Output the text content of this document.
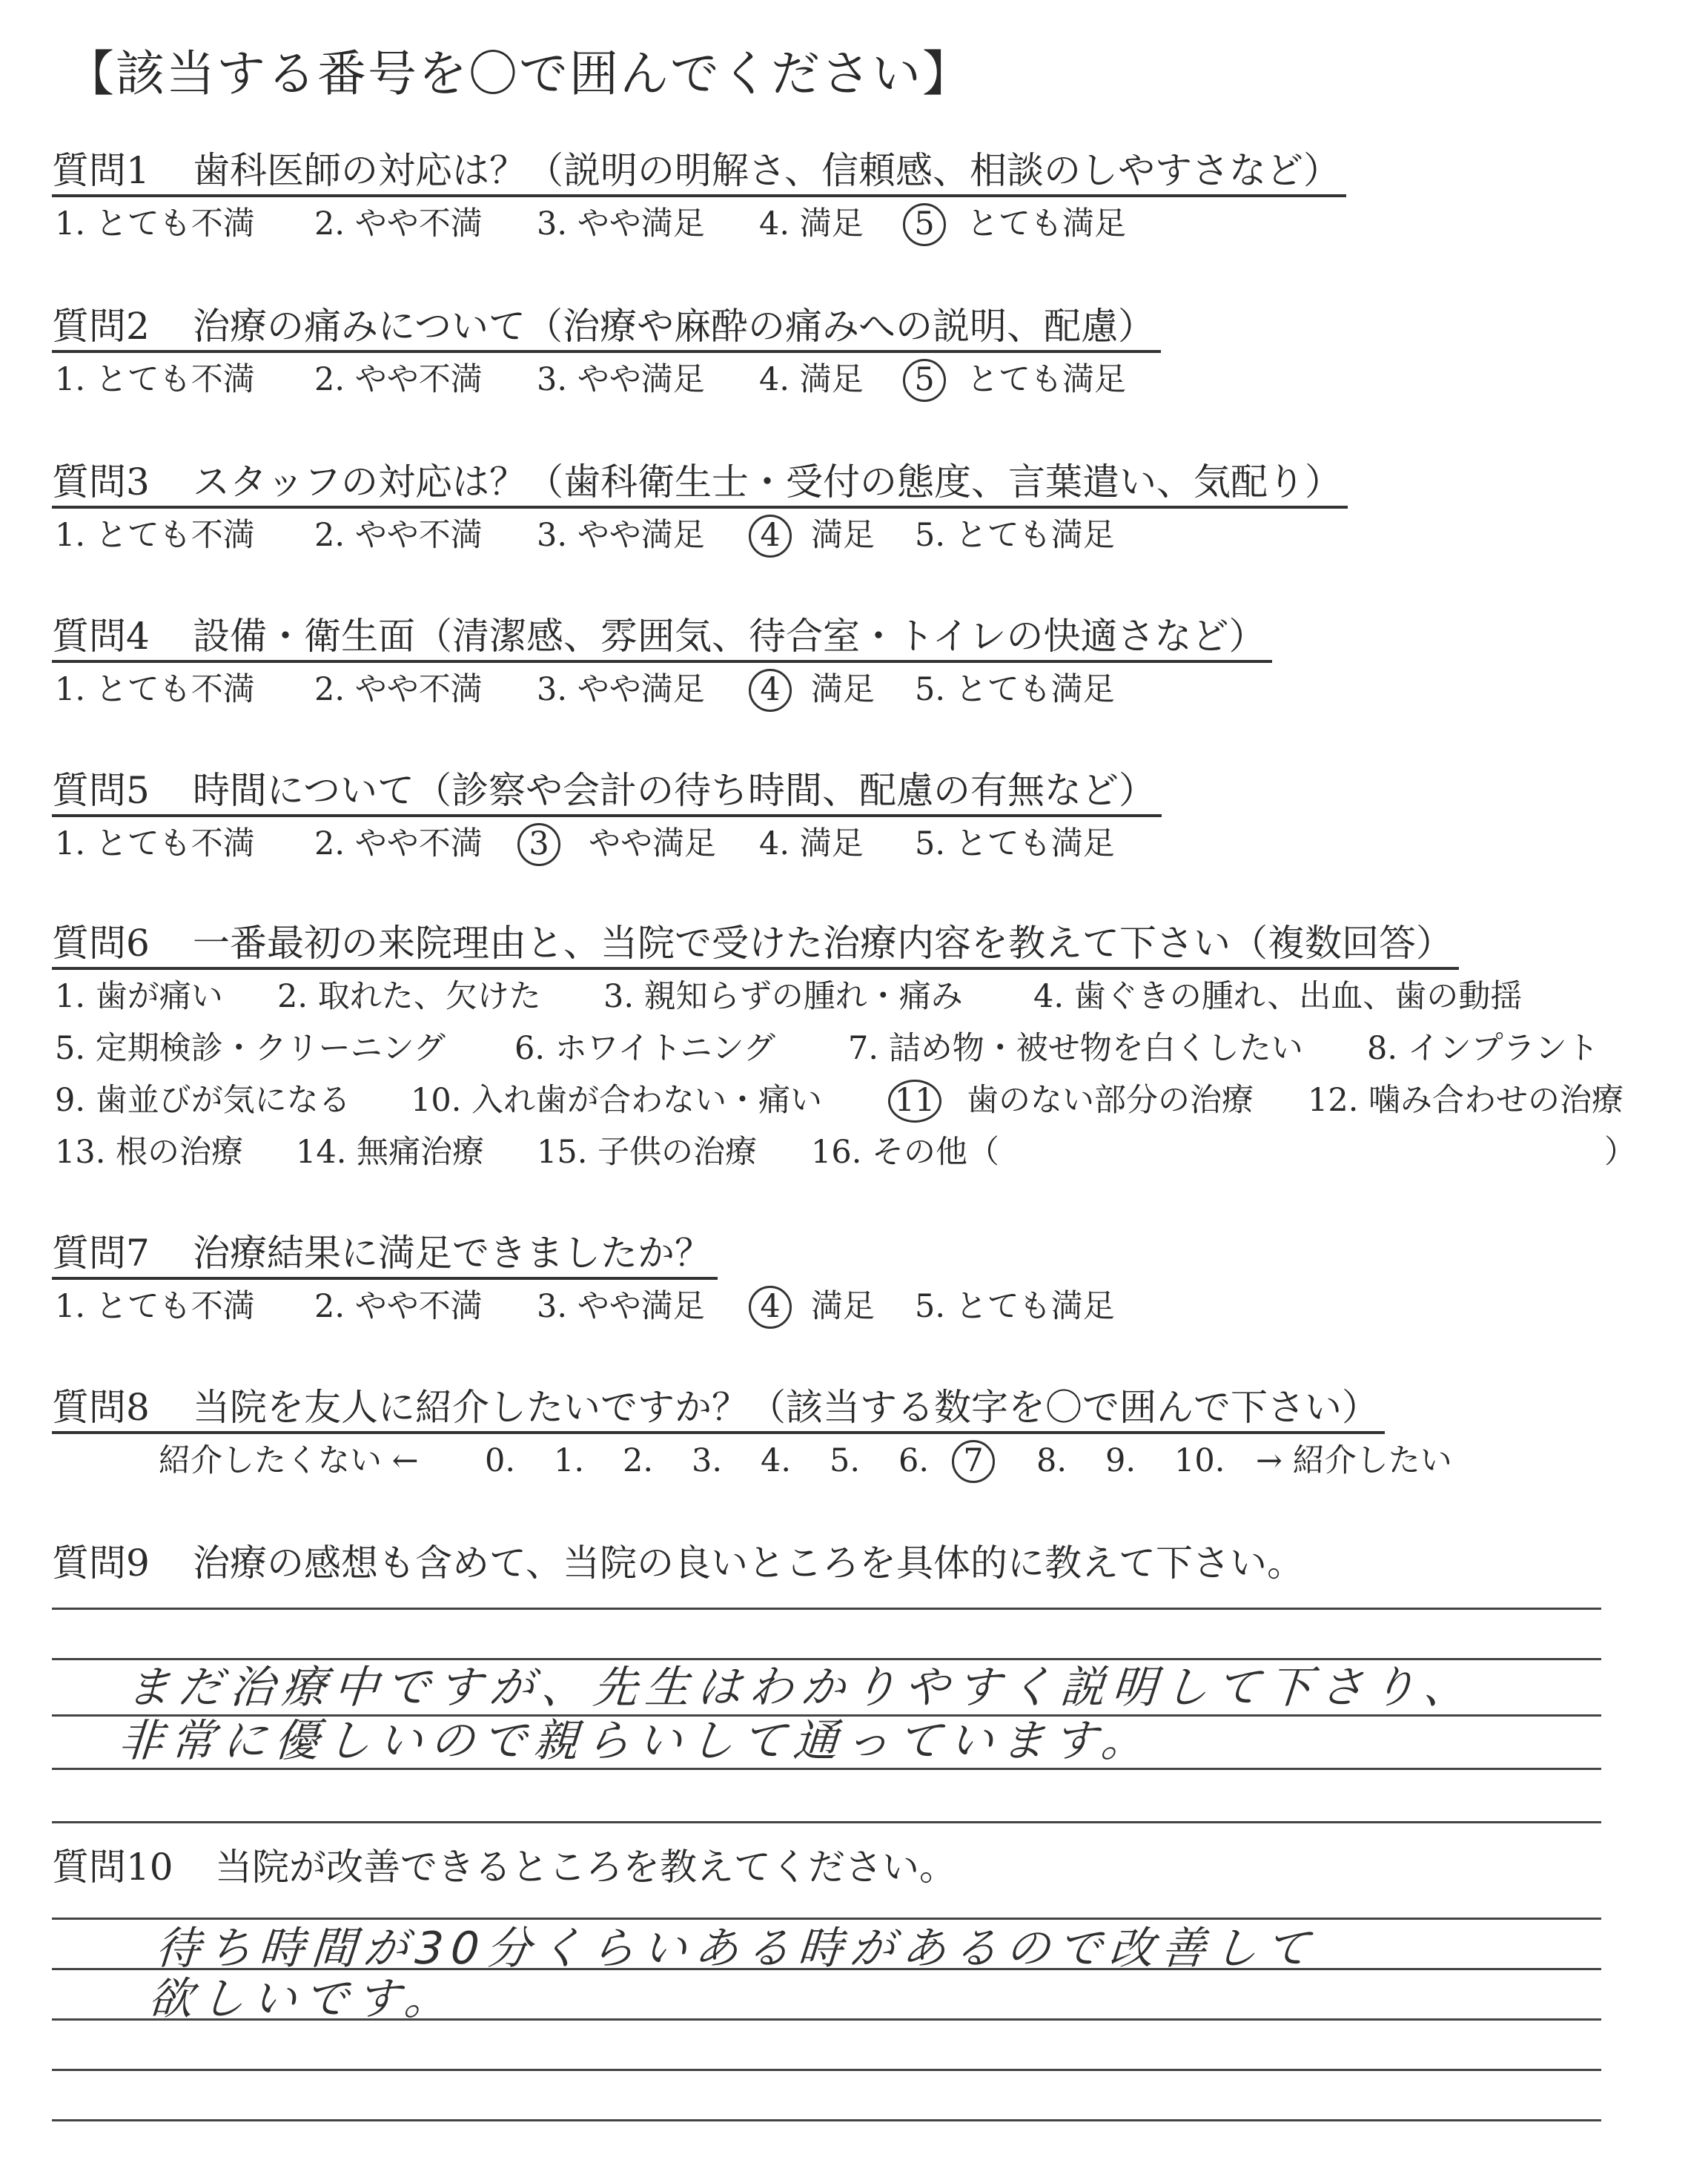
【該当する番号を〇で囲んでください】
質問1 歯科医師の対応は？（説明の明解さ、信頼感、相談のしやすさなど）
1. とても不満 2. やや不満 3. やや満足 4. 満足	5	とても満足
質問2 治療の痛みについて（治療や麻酔の痛みへの説明、配慮）
1. とても不満 2. やや不満 3. やや満足 4. 満足	5	とても満足
質問3 スタッフの対応は？（歯科衛生士・受付の態度、言葉遣い、気配り）
1. とても不満 2. やや不満 3. やや満足	4 満足 5. とても満足
質問4 設備・衛生面（清潔感、雰囲気、待合室・トイレの快適さなど）
1. とても不満 2. やや不満 3. やや満足	4 満足 5. とても満足
質問5 時間について（診察や会計の待ち時間、配慮の有無など）
1. とても不満 2. やや不満	3	やや満足 4. 満足 5. とても満足
質問6 一番最初の来院理由と、当院で受けた治療内容を教えて下さい（複数回答）
1. 歯が痛い 2. 取れた、欠けた 3. 親知らずの腫れ・痛み 4. 歯ぐきの腫れ、出血、歯の動揺
5. 定期検診・クリーニング 6. ホワイトニング 7. 詰め物・被せ物を白くしたい 8. インプラント
9. 歯並びが気になる 10. 入れ歯が合わない・痛い 11 歯のない部分の治療 12. 噛み合わせの治療
13. 根の治療 14. 無痛治療 15. 子供の治療 16. その他（	）
質問7 治療結果に満足できましたか？
1. とても不満 2. やや不満 3. やや満足	4 満足 5. とても満足
質問8 当院を友人に紹介したいですか？（該当する数字を〇で囲んで下さい）
紹介したくない ← 0. 1. 2. 3. 4. 5. 6.	7	8. 9. 10. → 紹介したい
質問9 治療の感想も含めて、当院の良いところを具体的に教えて下さい。
まだ治療中ですが、先生はわかりやすく説明して下さり、
非常に優しいので親らいして通っています。
質問10 当院が改善できるところを教えてください。
待ち時間が30分くらいある時があるので改善して
欲しいです。
